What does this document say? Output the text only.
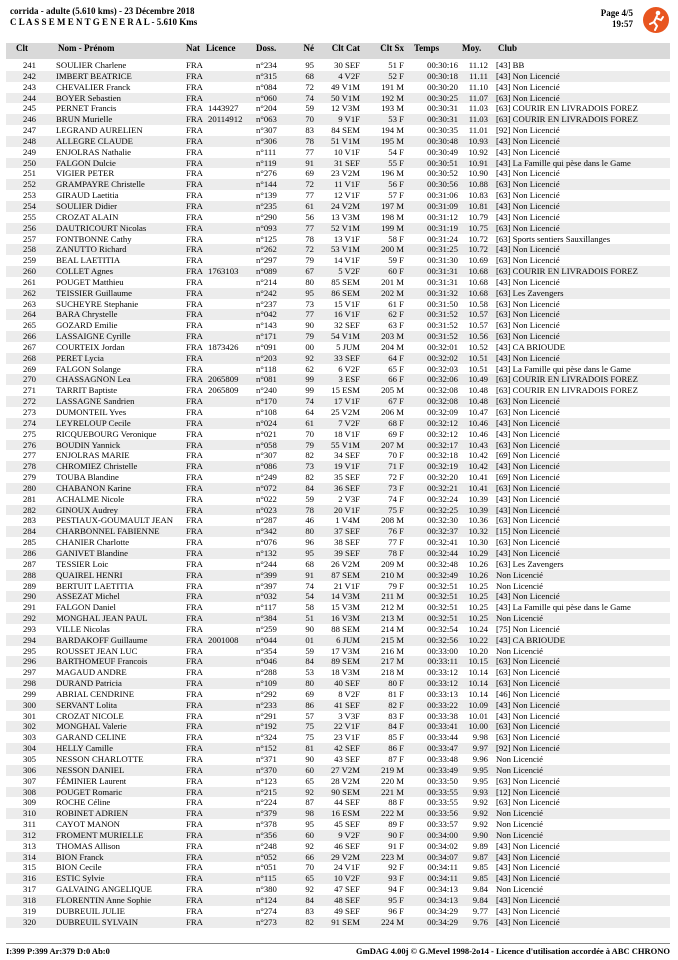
corrida - adulte (5.610 kms) - 23 Décembre 2018
C L A S S E M E N T G E N E R A L - 5.610 Kms
Page 4/5
19:57
Clt	Nom - Prénom	Nat Licence	Doss.	Né	Clt Cat	Clt Sx Temps	Moy.	Club
241 SOULIER Charlene	FRA	n°234	95	30 SEF	51 F	00:30:16	11.12 [43] BB
242 IMBERT BEATRICE	FRA	n°315	68	4 V2F	52 F	00:30:18	11.11 [43] Non Licencié
243 CHEVALIER Franck	FRA	n°084	72	49 V1M	191 M	00:30:20	11.10 [43] Non Licencié
244 BOYER Sebastien	FRA	n°060	74	50 V1M	192 M	00:30:25	11.07 [63] Non Licencié
245 PERNET Francis	FRA 1443927	n°204	59	12 V3M	193 M	00:30:31	11.03 [63] COURIR EN LIVRADOIS FOREZ
246 BRUN Murielle	FRA 20114912	n°063	70	9 V1F	53 F	00:30:31	11.03 [63] COURIR EN LIVRADOIS FOREZ
247 LEGRAND AURELIEN	FRA	n°307	83	84 SEM	194 M	00:30:35	11.01 [92] Non Licencié
248 ALLEGRE CLAUDE	FRA	n°306	78	51 V1M	195 M	00:30:48	10.93 [43] Non Licencié
249 ENJOLRAS Nathalie	FRA	n°111	77	10 V1F	54 F	00:30:49	10.92 [43] Non Licencié
250 FALGON Dulcie	FRA	n°119	91	31 SEF	55 F	00:30:51	10.91 [43] La Famille qui pèse dans le Game
251 VIGIER PETER	FRA	n°276	69	23 V2M	196 M	00:30:52	10.90 [43] Non Licencié
252 GRAMPAYRE Christelle	FRA	n°144	72	11 V1F	56 F	00:30:56	10.88 [63] Non Licencié
253 GIRAUD Laetitia	FRA	n°139	77	12 V1F	57 F	00:31:06	10.83 [63] Non Licencié
254 SOULIER Didier	FRA	n°235	61	24 V2M	197 M	00:31:09	10.81 [43] Non Licencié
255 CROZAT ALAIN	FRA	n°290	56	13 V3M	198 M	00:31:12	10.79 [43] Non Licencié
256 DAUTRICOURT Nicolas	FRA	n°093	77	52 V1M	199 M	00:31:19	10.75 [63] Non Licencié
257 FONTBONNE Cathy	FRA	n°125	78	13 V1F	58 F	00:31:24	10.72 [63] Sports sentiers Sauxillanges
258 ZANUTTO Richard	FRA	n°262	72	53 V1M	200 M	00:31:25	10.72 [43] Non Licencié
259 BEAL LAETITIA	FRA	n°297	79	14 V1F	59 F	00:31:30	10.69 [63] Non Licencié
260 COLLET Agnes	FRA 1763103	n°089	67	5 V2F	60 F	00:31:31	10.68 [63] COURIR EN LIVRADOIS FOREZ
261 POUGET Matthieu	FRA	n°214	80	85 SEM	201 M	00:31:31	10.68 [43] Non Licencié
262 TEISSIER Guillaume	FRA	n°242	95	86 SEM	202 M	00:31:32	10.68 [63] Les Zavengers
263 SUCHEYRE Stephanie	FRA	n°237	73	15 V1F	61 F	00:31:50	10.58 [63] Non Licencié
264 BARA Chrystelle	FRA	n°042	77	16 V1F	62 F	00:31:52	10.57 [63] Non Licencié
265 GOZARD Emilie	FRA	n°143	90	32 SEF	63 F	00:31:52	10.57 [63] Non Licencié
266 LASSAIGNE Cyrille	FRA	n°171	79	54 V1M	203 M	00:31:52	10.56 [63] Non Licencié
267 COURTEIX Jordan	FRA 1873426	n°091	00	5 JUM	204 M	00:32:01	10.52 [43] CA BRIOUDE
268 PERET Lycia	FRA	n°203	92	33 SEF	64 F	00:32:02	10.51 [43] Non Licencié
269 FALGON Solange	FRA	n°118	62	6 V2F	65 F	00:32:03	10.51 [43] La Famille qui pèse dans le Game
270 CHASSAGNON Lea	FRA 2065809	n°081	99	3 ESF	66 F	00:32:06	10.49 [63] COURIR EN LIVRADOIS FOREZ
271 TARRIT Baptiste	FRA 2065809	n°240	99	15 ESM	205 M	00:32:08	10.48 [63] COURIR EN LIVRADOIS FOREZ
272 LASSAGNE Sandrien	FRA	n°170	74	17 V1F	67 F	00:32:08	10.48 [63] Non Licencié
273 DUMONTEIL Yves	FRA	n°108	64	25 V2M	206 M	00:32:09	10.47 [63] Non Licencié
274 LEYRELOUP Cecile	FRA	n°024	61	7 V2F	68 F	00:32:12	10.46 [43] Non Licencié
275 RICQUEBOURG Veronique	FRA	n°021	70	18 V1F	69 F	00:32:12	10.46 [43] Non Licencié
276 BOUDIN Yannick	FRA	n°058	79	55 V1M	207 M	00:32:17	10.43 [63] Non Licencié
277 ENJOLRAS MARIE	FRA	n°307	82	34 SEF	70 F	00:32:18	10.42 [69] Non Licencié
278 CHROMIEZ Christelle	FRA	n°086	73	19 V1F	71 F	00:32:19	10.42 [43] Non Licencié
279 TOUBA Blandine	FRA	n°249	82	35 SEF	72 F	00:32:20	10.41 [69] Non Licencié
280 CHABANON Karine	FRA	n°072	84	36 SEF	73 F	00:32:21	10.41 [63] Non Licencié
281 ACHALME Nicole	FRA	n°022	59	2 V3F	74 F	00:32:24	10.39 [43] Non Licencié
282 GINOUX Audrey	FRA	n°023	78	20 V1F	75 F	00:32:25	10.39 [43] Non Licencié
283 PESTIAUX-GOUMAULT JEAN	FRA	n°287	46	1 V4M	208 M	00:32:30	10.36 [63] Non Licencié
284 CHARBONNEL FABIENNE	FRA	n°342	80	37 SEF	76 F	00:32:37	10.32 [15] Non Licencié
285 CHANIER Charlotte	FRA	n°076	96	38 SEF	77 F	00:32:41	10.30 [63] Non Licencié
286 GANIVET Blandine	FRA	n°132	95	39 SEF	78 F	00:32:44	10.29 [43] Non Licencié
287 TESSIER Loic	FRA	n°244	68	26 V2M	209 M	00:32:48	10.26 [63] Les Zavengers
288 QUAIREL HENRI	FRA	n°399	91	87 SEM	210 M	00:32:49	10.26 Non Licencié
289 BERTUIT LAETITIA	FRA	n°397	74	21 V1F	79 F	00:32:51	10.25 Non Licencié
290 ASSEZAT Michel	FRA	n°032	54	14 V3M	211 M	00:32:51	10.25 [43] Non Licencié
291 FALGON Daniel	FRA	n°117	58	15 V3M	212 M	00:32:51	10.25 [43] La Famille qui pèse dans le Game
292 MONGHAL JEAN PAUL	FRA	n°384	51	16 V3M	213 M	00:32:51	10.25 Non Licencié
293 VILLE Nicolas	FRA	n°259	90	88 SEM	214 M	00:32:54	10.24 [75] Non Licencié
294 BARDAKOFF Guillaume	FRA 2001008	n°044	01	6 JUM	215 M	00:32:56	10.22 [43] CA BRIOUDE
295 ROUSSET JEAN LUC	FRA	n°354	59	17 V3M	216 M	00:33:00	10.20 Non Licencié
296 BARTHOMEUF Francois	FRA	n°046	84	89 SEM	217 M	00:33:11	10.15 [63] Non Licencié
297 MAGAUD ANDRE	FRA	n°288	53	18 V3M	218 M	00:33:12	10.14 [63] Non Licencié
298 DURAND Patricia	FRA	n°109	80	40 SEF	80 F	00:33:12	10.14 [63] Non Licencié
299 ABRIAL CENDRINE	FRA	n°292	69	8 V2F	81 F	00:33:13	10.14 [46] Non Licencié
300 SERVANT Lolita	FRA	n°233	86	41 SEF	82 F	00:33:22	10.09 [43] Non Licencié
301 CROZAT NICOLE	FRA	n°291	57	3 V3F	83 F	00:33:38	10.01 [43] Non Licencié
302 MONGHAL Valerie	FRA	n°192	75	22 V1F	84 F	00:33:41	10.00 [63] Non Licencié
303 GARAND CELINE	FRA	n°324	75	23 V1F	85 F	00:33:44	9.98 [63] Non Licencié
304 HELLY Camille	FRA	n°152	81	42 SEF	86 F	00:33:47	9.97 [92] Non Licencié
305 NESSON CHARLOTTE	FRA	n°371	90	43 SEF	87 F	00:33:48	9.96 Non Licencié
306 NESSON DANIEL	FRA	n°370	60	27 V2M	219 M	00:33:49	9.95 Non Licencié
307 FÉMINIER Laurent	FRA	n°123	65	28 V2M	220 M	00:33:50	9.95 [63] Non Licencié
308 POUGET Romaric	FRA	n°215	92	90 SEM	221 M	00:33:55	9.93 [12] Non Licencié
309 ROCHE Céline	FRA	n°224	87	44 SEF	88 F	00:33:55	9.92 [63] Non Licencié
310 ROBINET ADRIEN	FRA	n°379	98	16 ESM	222 M	00:33:56	9.92 Non Licencié
311 CAYOT MANON	FRA	n°378	95	45 SEF	89 F	00:33:57	9.92 Non Licencié
312 FROMENT MURIELLE	FRA	n°356	60	9 V2F	90 F	00:34:00	9.90 Non Licencié
313 THOMAS Allison	FRA	n°248	92	46 SEF	91 F	00:34:02	9.89 [43] Non Licencié
314 BION Franck	FRA	n°052	66	29 V2M	223 M	00:34:07	9.87 [43] Non Licencié
315 BION Cecile	FRA	n°051	70	24 V1F	92 F	00:34:11	9.85 [43] Non Licencié
316 ESTIC Sylvie	FRA	n°115	65	10 V2F	93 F	00:34:11	9.85 [43] Non Licencié
317 GALVAING ANGELIQUE	FRA	n°380	92	47 SEF	94 F	00:34:13	9.84 Non Licencié
318 FLORENTIN Anne Sophie	FRA	n°124	84	48 SEF	95 F	00:34:13	9.84 [43] Non Licencié
319 DUBREUIL JULIE	FRA	n°274	83	49 SEF	96 F	00:34:29	9.77 [43] Non Licencié
320 DUBREUIL SYLVAIN	FRA	n°273	82	91 SEM	224 M	00:34:29	9.76 [43] Non Licencié
I:399 P:399 Ar:379 D:0 Ab:0	GmDAG 4.00j © G.Mevel 1998-2o14 - Licence d'utilisation accordée à ABC CHRONO
